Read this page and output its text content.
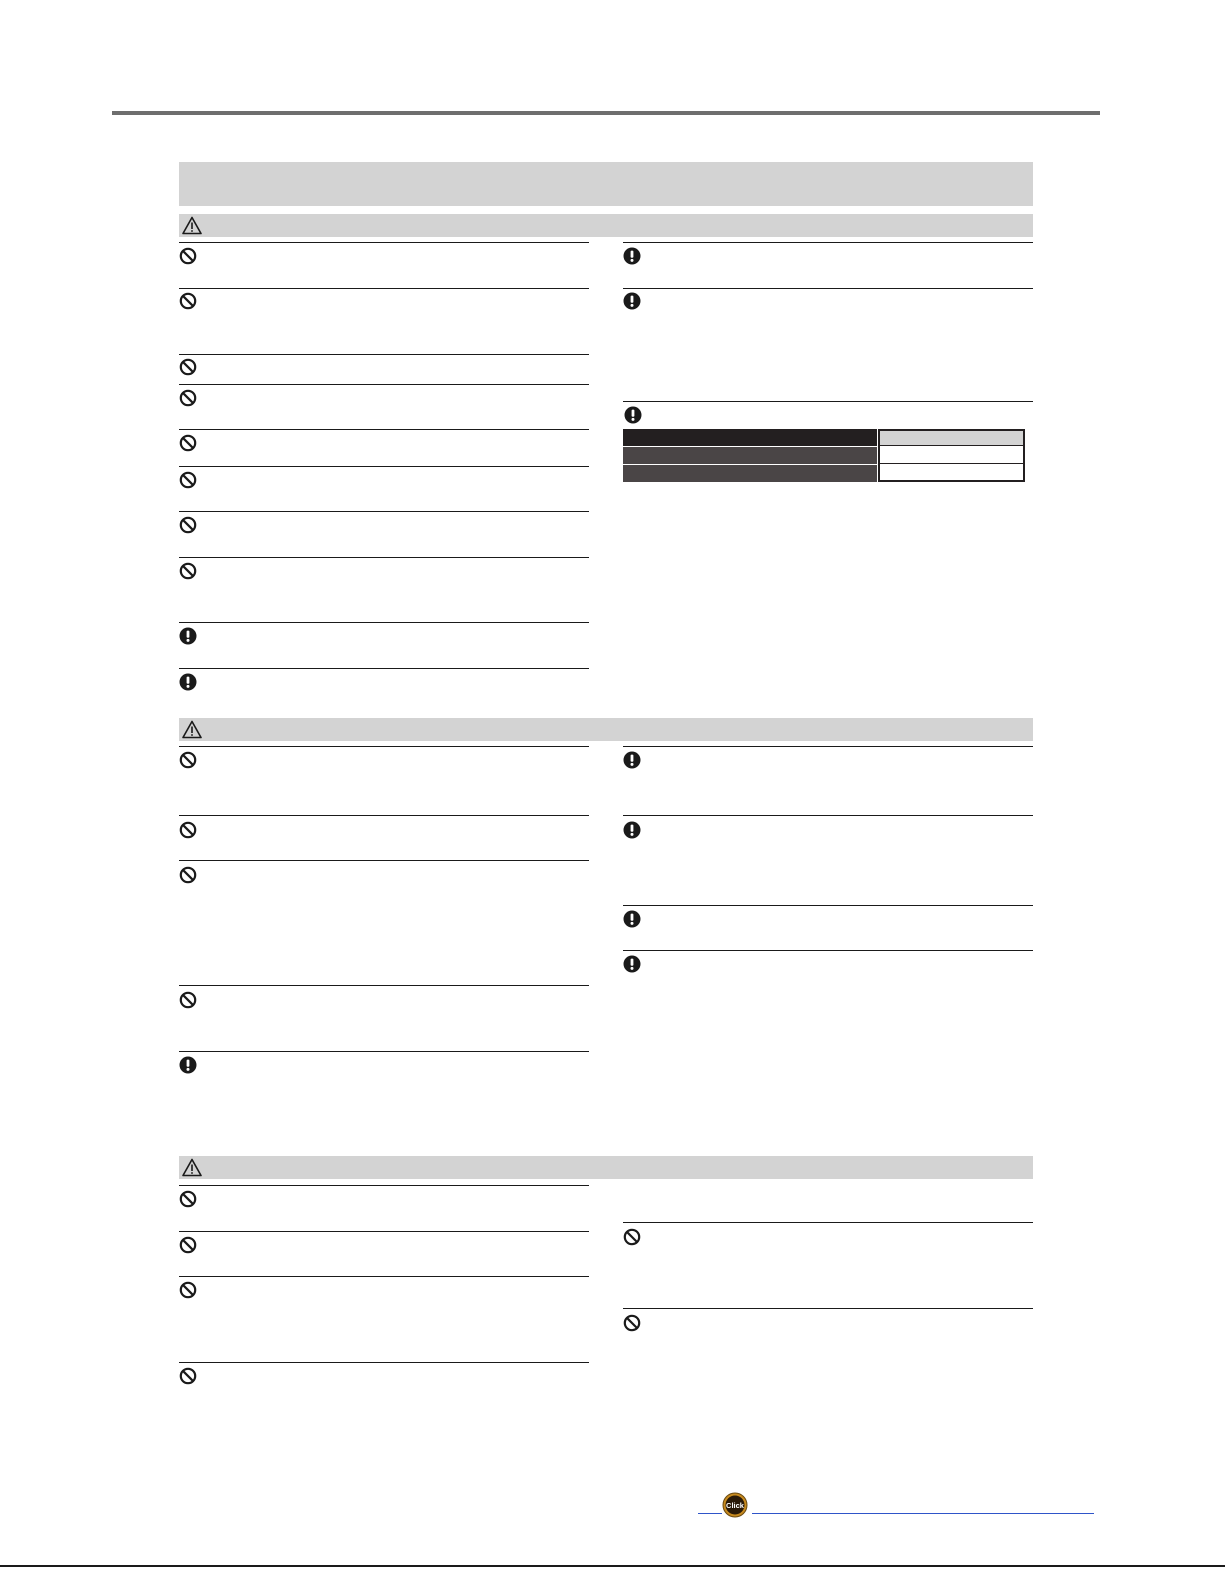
Click
